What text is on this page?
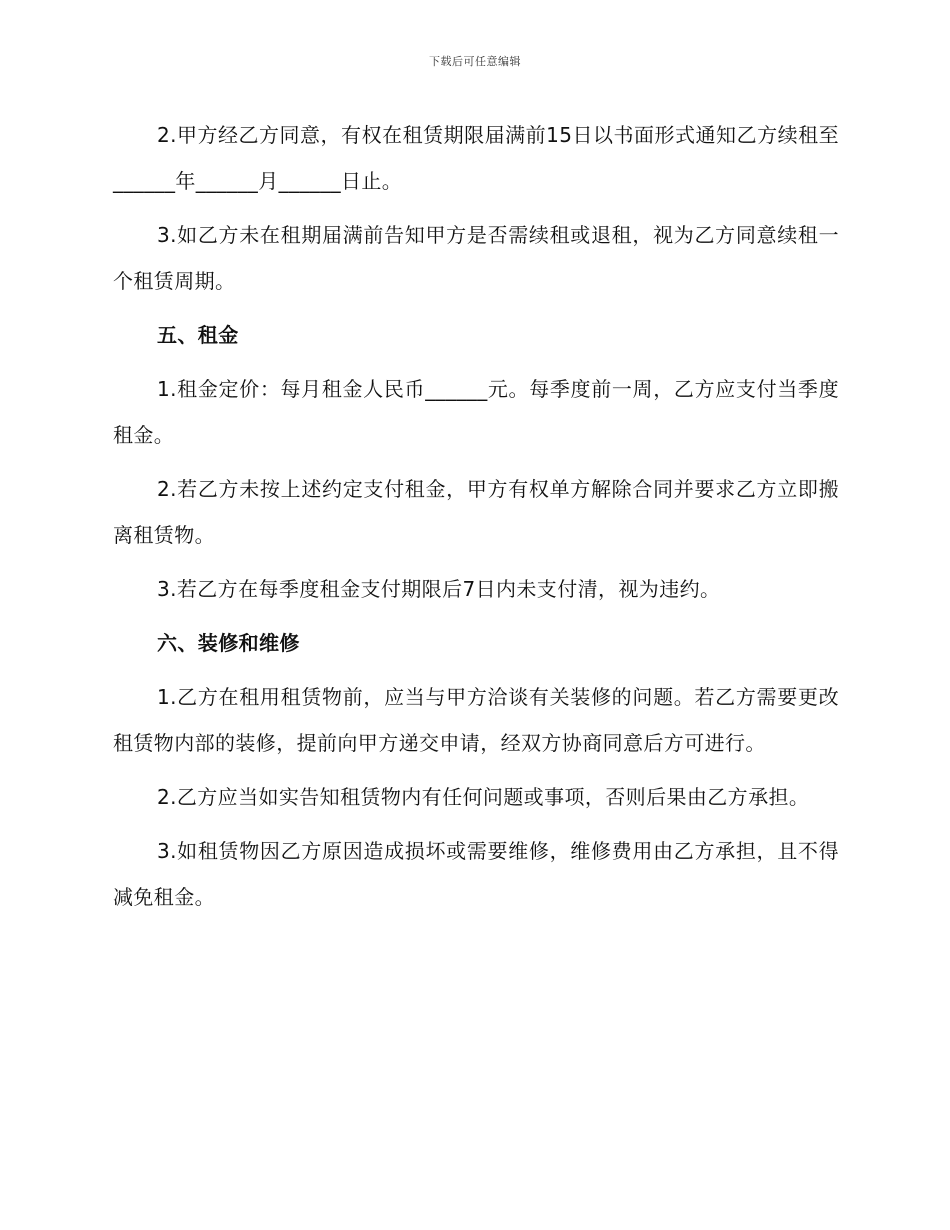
下载后可任意编辑

2.甲方经乙方同意，有权在租赁期限届满前15日以书面形式通知乙方续租至______年______月______日止。

3.如乙方未在租期届满前告知甲方是否需续租或退租，视为乙方同意续租一个租赁周期。

五、租金

1.租金定价：每月租金人民币______元。每季度前一周，乙方应支付当季度租金。

2.若乙方未按上述约定支付租金，甲方有权单方解除合同并要求乙方立即搬离租赁物。

3.若乙方在每季度租金支付期限后7日内未支付清，视为违约。

六、装修和维修

1.乙方在租用租赁物前，应当与甲方洽谈有关装修的问题。若乙方需要更改租赁物内部的装修，提前向甲方递交申请，经双方协商同意后方可进行。

2.乙方应当如实告知租赁物内有任何问题或事项，否则后果由乙方承担。

3.如租赁物因乙方原因造成损坏或需要维修，维修费用由乙方承担，且不得减免租金。
